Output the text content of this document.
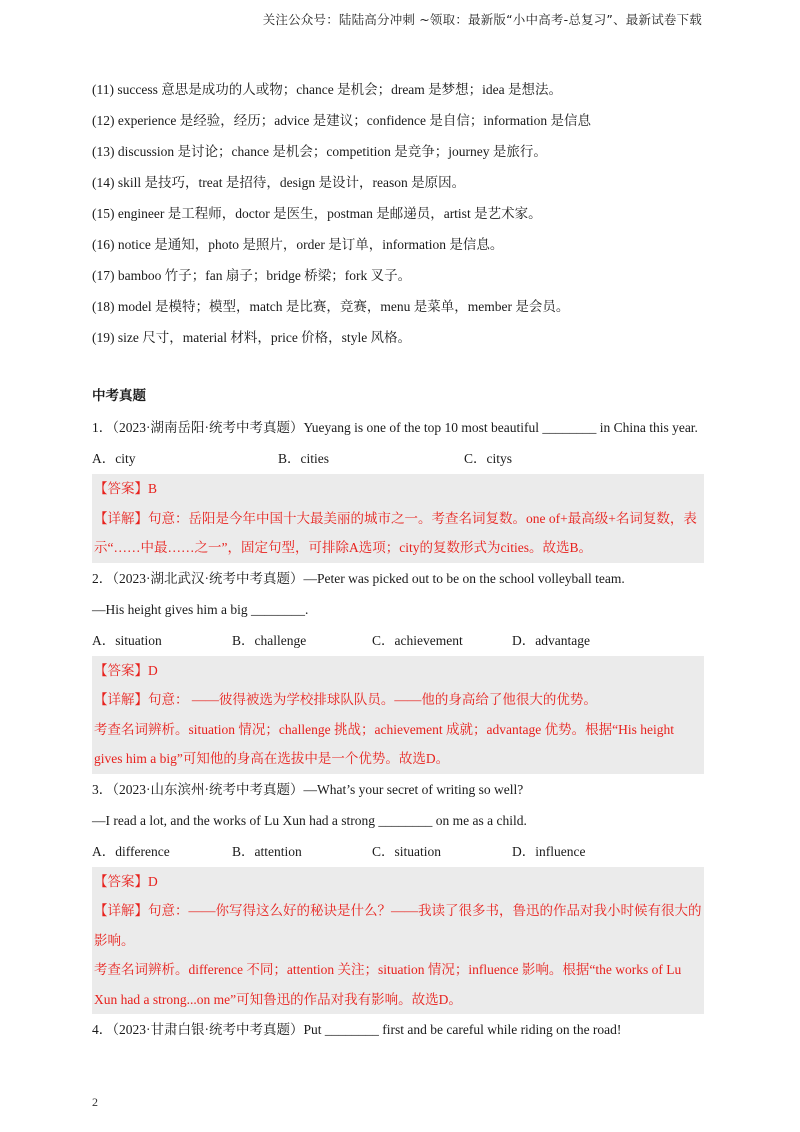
关注公众号：陆陆高分冲刺 ~领取：最新版“小中高考-总复习”、最新试卷下载
(11) success 意思是成功的人或物；chance 是机会；dream 是梦想；idea 是想法。
(12) experience 是经验，经历；advice 是建议；confidence 是自信；information 是信息
(13) discussion 是讨论；chance 是机会；competition 是竞争；journey 是旅行。
(14) skill 是技巧，treat 是招待，design 是设计，reason 是原因。
(15) engineer 是工程师，doctor 是医生，postman 是邮递员，artist 是艺术家。
(16) notice 是通知，photo 是照片，order 是订单，information 是信息。
(17) bamboo 竹子；fan 扇子；bridge 桥梁；fork 叉子。
(18) model 是模特；模型，match 是比赛，竞赛，menu 是菜单，member 是会员。
(19) size 尺寸，material 材料，price 价格，style 风格。
中考真题
1．（2023·湖南岳阳·统考中考真题）Yueyang is one of the top 10 most beautiful ________ in China this year.
A．city	B．cities	C．citys
【答案】B
【详解】句意：岳阳是今年中国十大最美丽的城市之一。考查名词复数。one of+最高级+名词复数，表示“……中最……之一”，固定句型，可排除A选项；city的复数形式为cities。故选B。
2．（2023·湖北武汉·统考中考真题）—Peter was picked out to be on the school volleyball team.
—His height gives him a big ________.
A．situation	B．challenge	C．achievement	D．advantage
【答案】D
【详解】句意： ——彼得被选为学校排球队队员。——他的身高给了他很大的优势。
考查名词辨析。situation 情况；challenge 挑战；achievement 成就；advantage 优势。根据“His height gives him a big”可知他的身高在选拔中是一个优势。故选D。
3．（2023·山东滨州·统考中考真题）—What’s your secret of writing so well?
—I read a lot, and the works of Lu Xun had a strong ________ on me as a child.
A．difference	B．attention	C．situation	D．influence
【答案】D
【详解】句意：——你写得这么好的秘诀是什么？——我读了很多书，鲁迅的作品对我小时候有很大的影响。
考查名词辨析。difference 不同；attention 关注；situation 情况；influence 影响。根据“the works of Lu Xun had a strong...on me”可知鲁迅的作品对我有影响。故选D。
4．（2023·甘肃白银·统考中考真题）Put ________ first and be careful while riding on the road!
2
